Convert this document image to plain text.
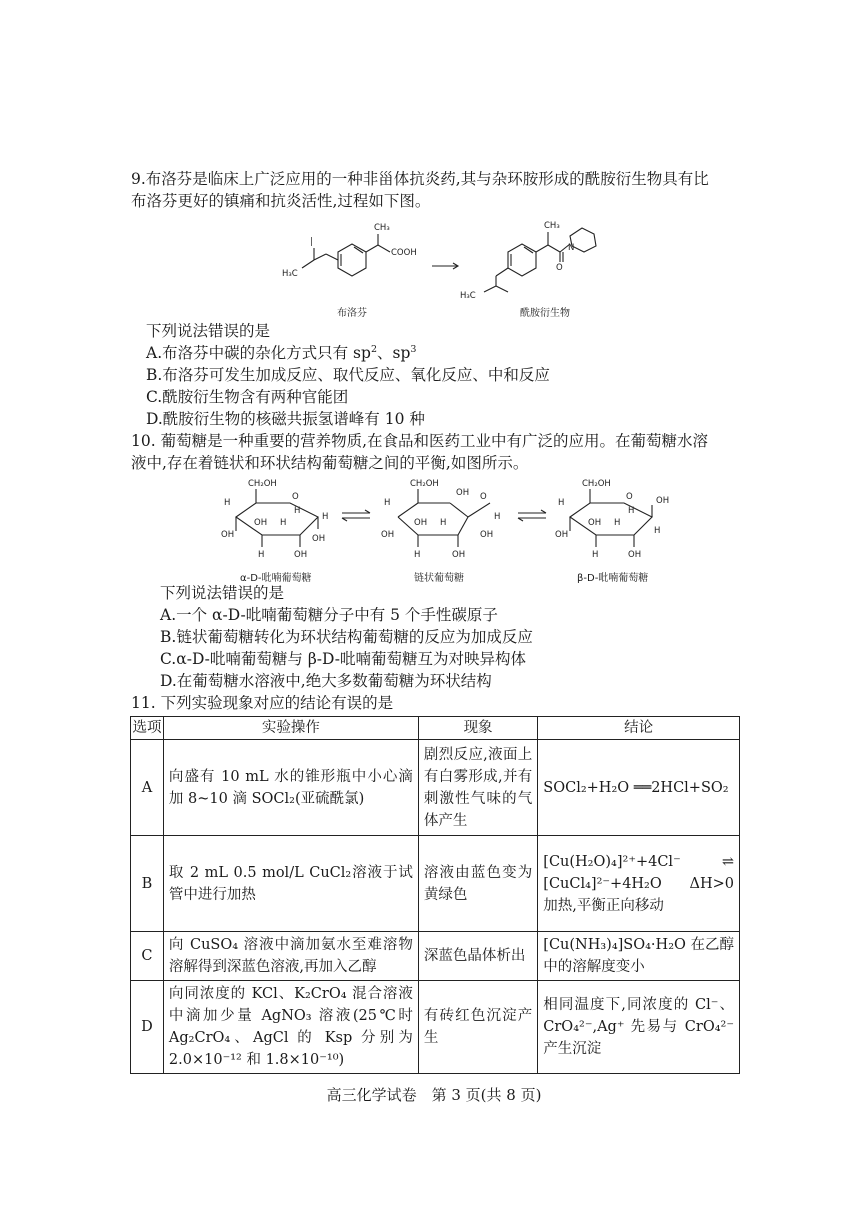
9.布洛芬是临床上广泛应用的一种非甾体抗炎药,其与杂环胺形成的酰胺衍生物具有比
布洛芬更好的镇痛和抗炎活性,过程如下图。
|
H₃C
CH₃
COOH
CH₃
O
N
H₃C
布洛芬	酰胺衍生物
下列说法错误的是
A.布洛芬中碳的杂化方式只有 $sp^2$、$sp^3$
B.布洛芬可发生加成反应、取代反应、氧化反应、中和反应
C.酰胺衍生物含有两种官能团
D.酰胺衍生物的核磁共振氢谱峰有 10 种
10. 葡萄糖是一种重要的营养物质,在食品和医药工业中有广泛的应用。在葡萄糖水溶
液中,存在着链状和环状结构葡萄糖之间的平衡,如图所示。
CH₂OH
O
H
OH
OH H
H
H
H	OH
OH
CH₂OH
OH
H
OH
OH H
O
H
H	OH
OH
CH₂OH
O
H
OH
OH H
H
OH
H	OH
H
α-D-吡喃葡萄糖	链状葡萄糖	β-D-吡喃葡萄糖
下列说法错误的是
A.一个 α-D-吡喃葡萄糖分子中有 5 个手性碳原子
B.链状葡萄糖转化为环状结构葡萄糖的反应为加成反应
C.α-D-吡喃葡萄糖与 β-D-吡喃葡萄糖互为对映异构体
D.在葡萄糖水溶液中,绝大多数葡萄糖为环状结构
11. 下列实验现象对应的结论有误的是
选项	实验操作	现象	结论
A	向盛有 10 mL 水的锥形瓶中小心滴加 8~10 滴 SOCl₂(亚硫酰氯)	剧烈反应,液面上有白雾形成,并有刺激性气味的气体产生	SOCl₂+H₂O ══2HCl+SO₂
B	取 2 mL 0.5 mol/L CuCl₂溶液于试管中进行加热	溶液由蓝色变为黄绿色	[Cu(H₂O)₄]²⁺+4Cl⁻ ⇌ [CuCl₄]²⁻+4H₂O　ΔH>0 加热,平衡正向移动
C	向 CuSO₄ 溶液中滴加氨水至难溶物溶解得到深蓝色溶液,再加入乙醇	深蓝色晶体析出	[Cu(NH₃)₄]SO₄·H₂O 在乙醇中的溶解度变小
D	向同浓度的 KCl、K₂CrO₄ 混合溶液中滴加少量 AgNO₃ 溶液(25℃时 Ag₂CrO₄、AgCl 的 Ksp 分别为 2.0×10⁻¹² 和 1.8×10⁻¹⁰)	有砖红色沉淀产生	相同温度下,同浓度的 Cl⁻、CrO₄²⁻,Ag⁺ 先易与 CrO₄²⁻产生沉淀
高三化学试卷　第 3 页(共 8 页)
